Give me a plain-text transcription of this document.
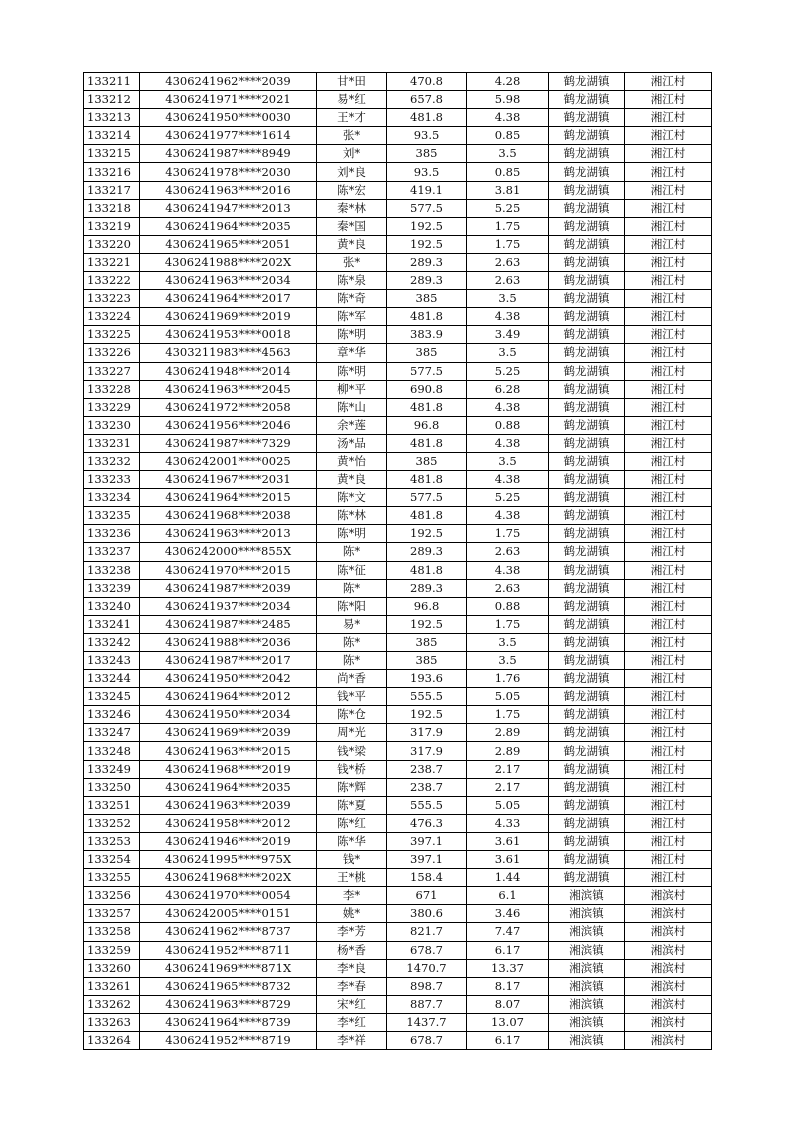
133211	4306241962****2039	甘*田	470.8	4.28	鹤龙湖镇	湘江村
133212	4306241971****2021	易*红	657.8	5.98	鹤龙湖镇	湘江村
133213	4306241950****0030	王*才	481.8	4.38	鹤龙湖镇	湘江村
133214	4306241977****1614	张*	93.5	0.85	鹤龙湖镇	湘江村
133215	4306241987****8949	刘*	385	3.5	鹤龙湖镇	湘江村
133216	4306241978****2030	刘*良	93.5	0.85	鹤龙湖镇	湘江村
133217	4306241963****2016	陈*宏	419.1	3.81	鹤龙湖镇	湘江村
133218	4306241947****2013	秦*林	577.5	5.25	鹤龙湖镇	湘江村
133219	4306241964****2035	秦*国	192.5	1.75	鹤龙湖镇	湘江村
133220	4306241965****2051	黄*良	192.5	1.75	鹤龙湖镇	湘江村
133221	4306241988****202X	张*	289.3	2.63	鹤龙湖镇	湘江村
133222	4306241963****2034	陈*泉	289.3	2.63	鹤龙湖镇	湘江村
133223	4306241964****2017	陈*奇	385	3.5	鹤龙湖镇	湘江村
133224	4306241969****2019	陈*军	481.8	4.38	鹤龙湖镇	湘江村
133225	4306241953****0018	陈*明	383.9	3.49	鹤龙湖镇	湘江村
133226	4303211983****4563	章*华	385	3.5	鹤龙湖镇	湘江村
133227	4306241948****2014	陈*明	577.5	5.25	鹤龙湖镇	湘江村
133228	4306241963****2045	柳*平	690.8	6.28	鹤龙湖镇	湘江村
133229	4306241972****2058	陈*山	481.8	4.38	鹤龙湖镇	湘江村
133230	4306241956****2046	余*莲	96.8	0.88	鹤龙湖镇	湘江村
133231	4306241987****7329	汤*品	481.8	4.38	鹤龙湖镇	湘江村
133232	4306242001****0025	黄*怡	385	3.5	鹤龙湖镇	湘江村
133233	4306241967****2031	黄*良	481.8	4.38	鹤龙湖镇	湘江村
133234	4306241964****2015	陈*文	577.5	5.25	鹤龙湖镇	湘江村
133235	4306241968****2038	陈*林	481.8	4.38	鹤龙湖镇	湘江村
133236	4306241963****2013	陈*明	192.5	1.75	鹤龙湖镇	湘江村
133237	4306242000****855X	陈*	289.3	2.63	鹤龙湖镇	湘江村
133238	4306241970****2015	陈*征	481.8	4.38	鹤龙湖镇	湘江村
133239	4306241987****2039	陈*	289.3	2.63	鹤龙湖镇	湘江村
133240	4306241937****2034	陈*阳	96.8	0.88	鹤龙湖镇	湘江村
133241	4306241987****2485	易*	192.5	1.75	鹤龙湖镇	湘江村
133242	4306241988****2036	陈*	385	3.5	鹤龙湖镇	湘江村
133243	4306241987****2017	陈*	385	3.5	鹤龙湖镇	湘江村
133244	4306241950****2042	尚*香	193.6	1.76	鹤龙湖镇	湘江村
133245	4306241964****2012	钱*平	555.5	5.05	鹤龙湖镇	湘江村
133246	4306241950****2034	陈*仓	192.5	1.75	鹤龙湖镇	湘江村
133247	4306241969****2039	周*光	317.9	2.89	鹤龙湖镇	湘江村
133248	4306241963****2015	钱*梁	317.9	2.89	鹤龙湖镇	湘江村
133249	4306241968****2019	钱*桥	238.7	2.17	鹤龙湖镇	湘江村
133250	4306241964****2035	陈*辉	238.7	2.17	鹤龙湖镇	湘江村
133251	4306241963****2039	陈*夏	555.5	5.05	鹤龙湖镇	湘江村
133252	4306241958****2012	陈*红	476.3	4.33	鹤龙湖镇	湘江村
133253	4306241946****2019	陈*华	397.1	3.61	鹤龙湖镇	湘江村
133254	4306241995****975X	钱*	397.1	3.61	鹤龙湖镇	湘江村
133255	4306241968****202X	王*桃	158.4	1.44	鹤龙湖镇	湘江村
133256	4306241970****0054	李*	671	6.1	湘滨镇	湘滨村
133257	4306242005****0151	姚*	380.6	3.46	湘滨镇	湘滨村
133258	4306241962****8737	李*芳	821.7	7.47	湘滨镇	湘滨村
133259	4306241952****8711	杨*香	678.7	6.17	湘滨镇	湘滨村
133260	4306241969****871X	李*良	1470.7	13.37	湘滨镇	湘滨村
133261	4306241965****8732	李*春	898.7	8.17	湘滨镇	湘滨村
133262	4306241963****8729	宋*红	887.7	8.07	湘滨镇	湘滨村
133263	4306241964****8739	李*红	1437.7	13.07	湘滨镇	湘滨村
133264	4306241952****8719	李*祥	678.7	6.17	湘滨镇	湘滨村
